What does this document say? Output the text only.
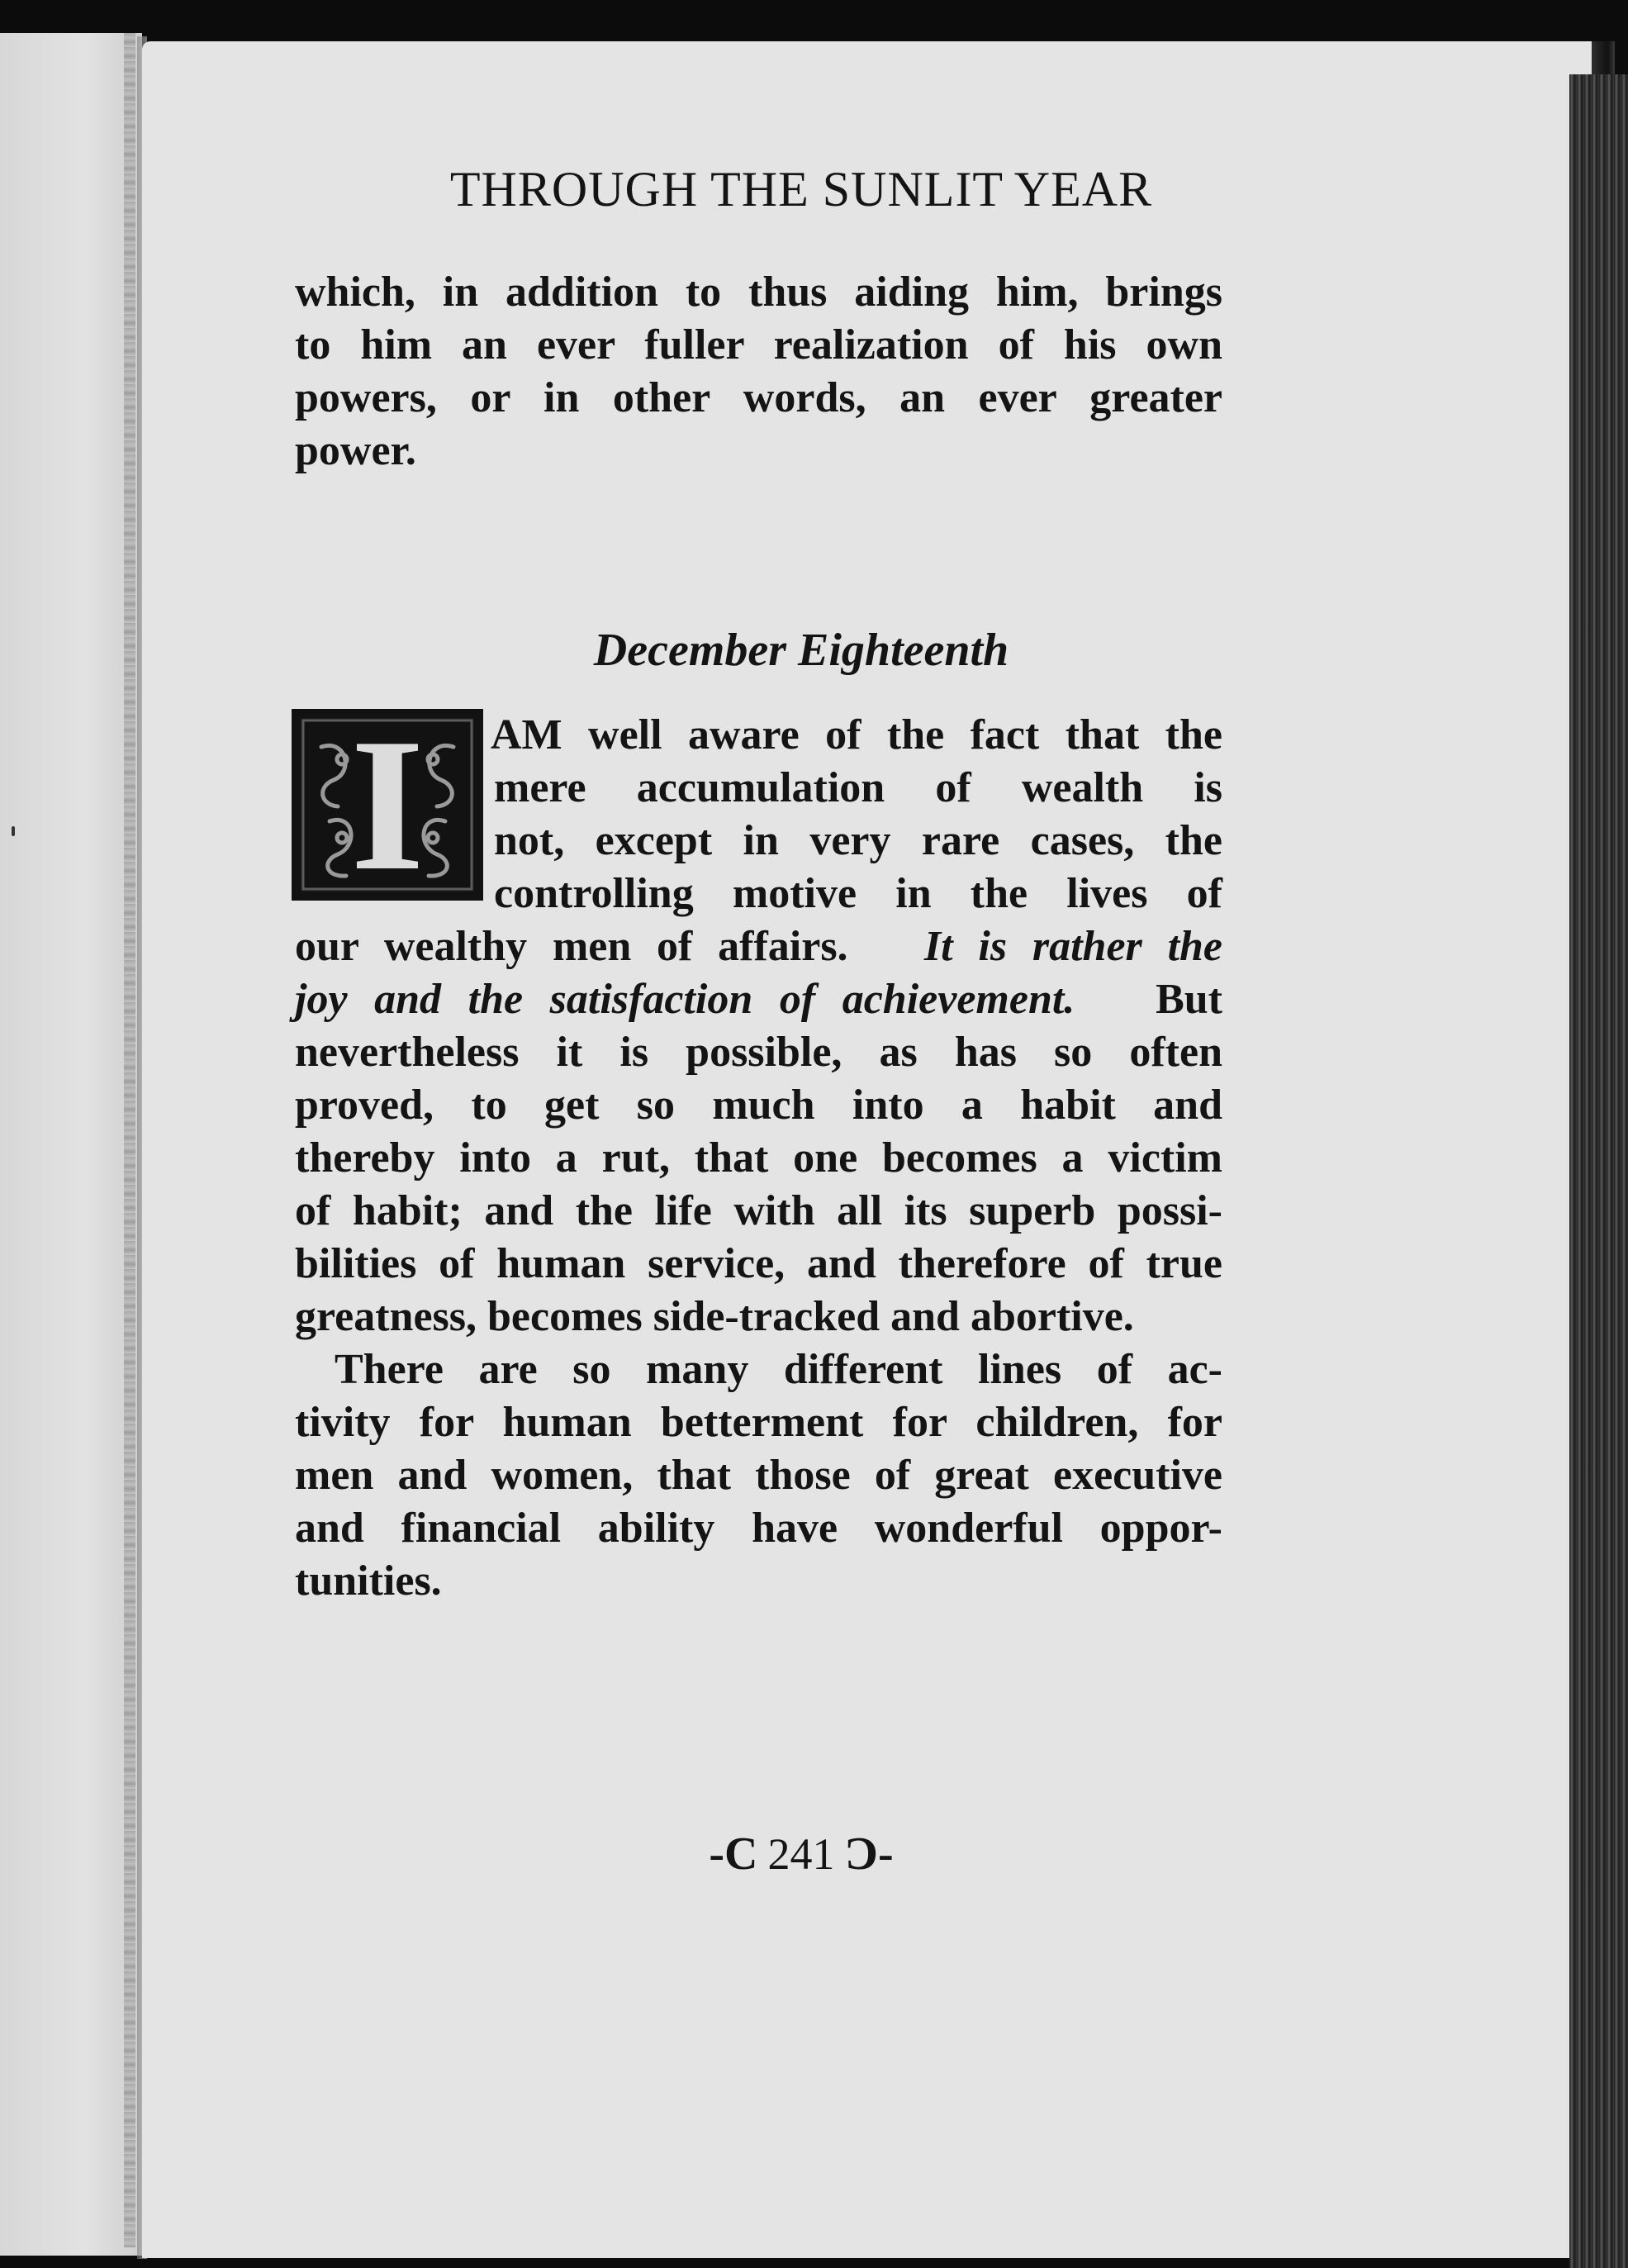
THROUGH THE SUNLIT YEAR
which, in addition to thus aiding him, brings
to him an ever fuller realization of his own
powers, or in other words, an ever greater
power.
December Eighteenth
I	AM well aware of the fact that the
mere accumulation of wealth is
not, except in very rare cases, the
controlling motive in the lives of
our wealthy men of affairs. It is rather the
joy and the satisfaction of achievement. But
nevertheless it is possible, as has so often
proved, to get so much into a habit and
thereby into a rut, that one becomes a victim
of habit; and the life with all its superb possi-
bilities of human service, and therefore of true
greatness, becomes side-tracked and abortive.
There are so many different lines of ac-
tivity for human betterment for children, for
men and women, that those of great executive
and financial ability have wonderful oppor-
tunities.
-C 241 Ɔ-
